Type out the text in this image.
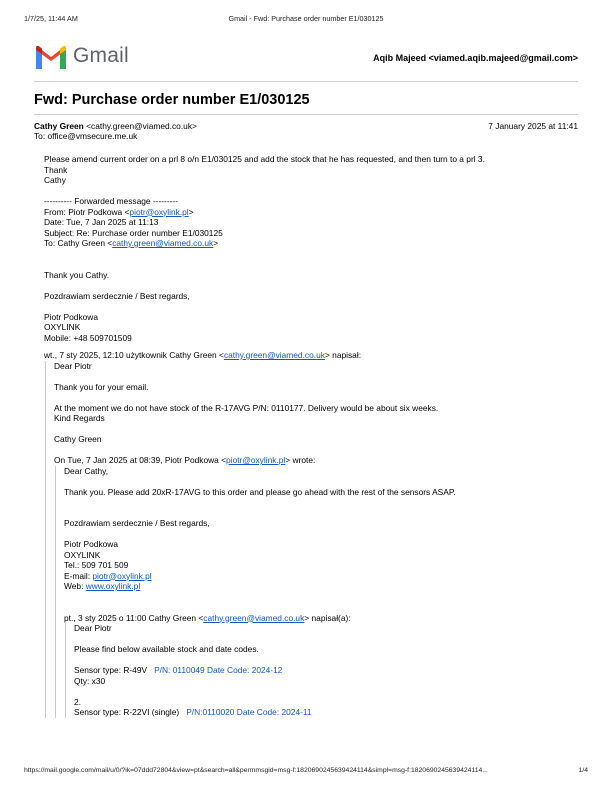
1/7/25, 11:44 AM	Gmail - Fwd: Purchase order number E1/030125
Gmail	Aqib Majeed <viamed.aqib.majeed@gmail.com>
Fwd: Purchase order number E1/030125
Cathy Green <cathy.green@viamed.co.uk>	7 January 2025 at 11:41
To: office@vmsecure.me.uk
Please amend current order on a prl 8 o/n E1/030125 and add the stock that he has requested, and then turn to a prl 3.
Thank
Cathy
---------- Forwarded message ---------
From: Piotr Podkowa <piotr@oxylink.pl>
Date: Tue, 7 Jan 2025 at 11:13
Subject: Re: Purchase order number E1/030125
To: Cathy Green <cathy.green@viamed.co.uk>
Thank you Cathy.
Pozdrawiam serdecznie / Best regards,
Piotr Podkowa
OXYLINK
Mobile: +48 509701509
wt., 7 sty 2025, 12:10 użytkownik Cathy Green <cathy.green@viamed.co.uk> napisał:
Dear Piotr
Thank you for your email.
At the moment we do not have stock of the R-17AVG P/N: 0110177. Delivery would be about six weeks.
Kind Regards
Cathy Green
On Tue, 7 Jan 2025 at 08:39, Piotr Podkowa <piotr@oxylink.pl> wrote:
Dear Cathy,
Thank you. Please add 20xR-17AVG to this order and please go ahead with the rest of the sensors ASAP.
Pozdrawiam serdecznie / Best regards,
Piotr Podkowa
OXYLINK
Tel.: 509 701 509
E-mail: piotr@oxylink.pl
Web: www.oxylink.pl
pt., 3 sty 2025 o 11:00 Cathy Green <cathy.green@viamed.co.uk> napisał(a):
Dear Piotr
Please find below available stock and date codes.
Sensor type: R-49V P/N: 0110049 Date Code: 2024-12
Qty: x30
2.
Sensor type: R-22VI (single) P/N:0110020 Date Code: 2024-11
https://mail.google.com/mail/u/0/?ik=07ddd72804&view=pt&search=all&permmsgid=msg-f:1820690245639424114&simpl=msg-f:1820690245639424114...	1/4
